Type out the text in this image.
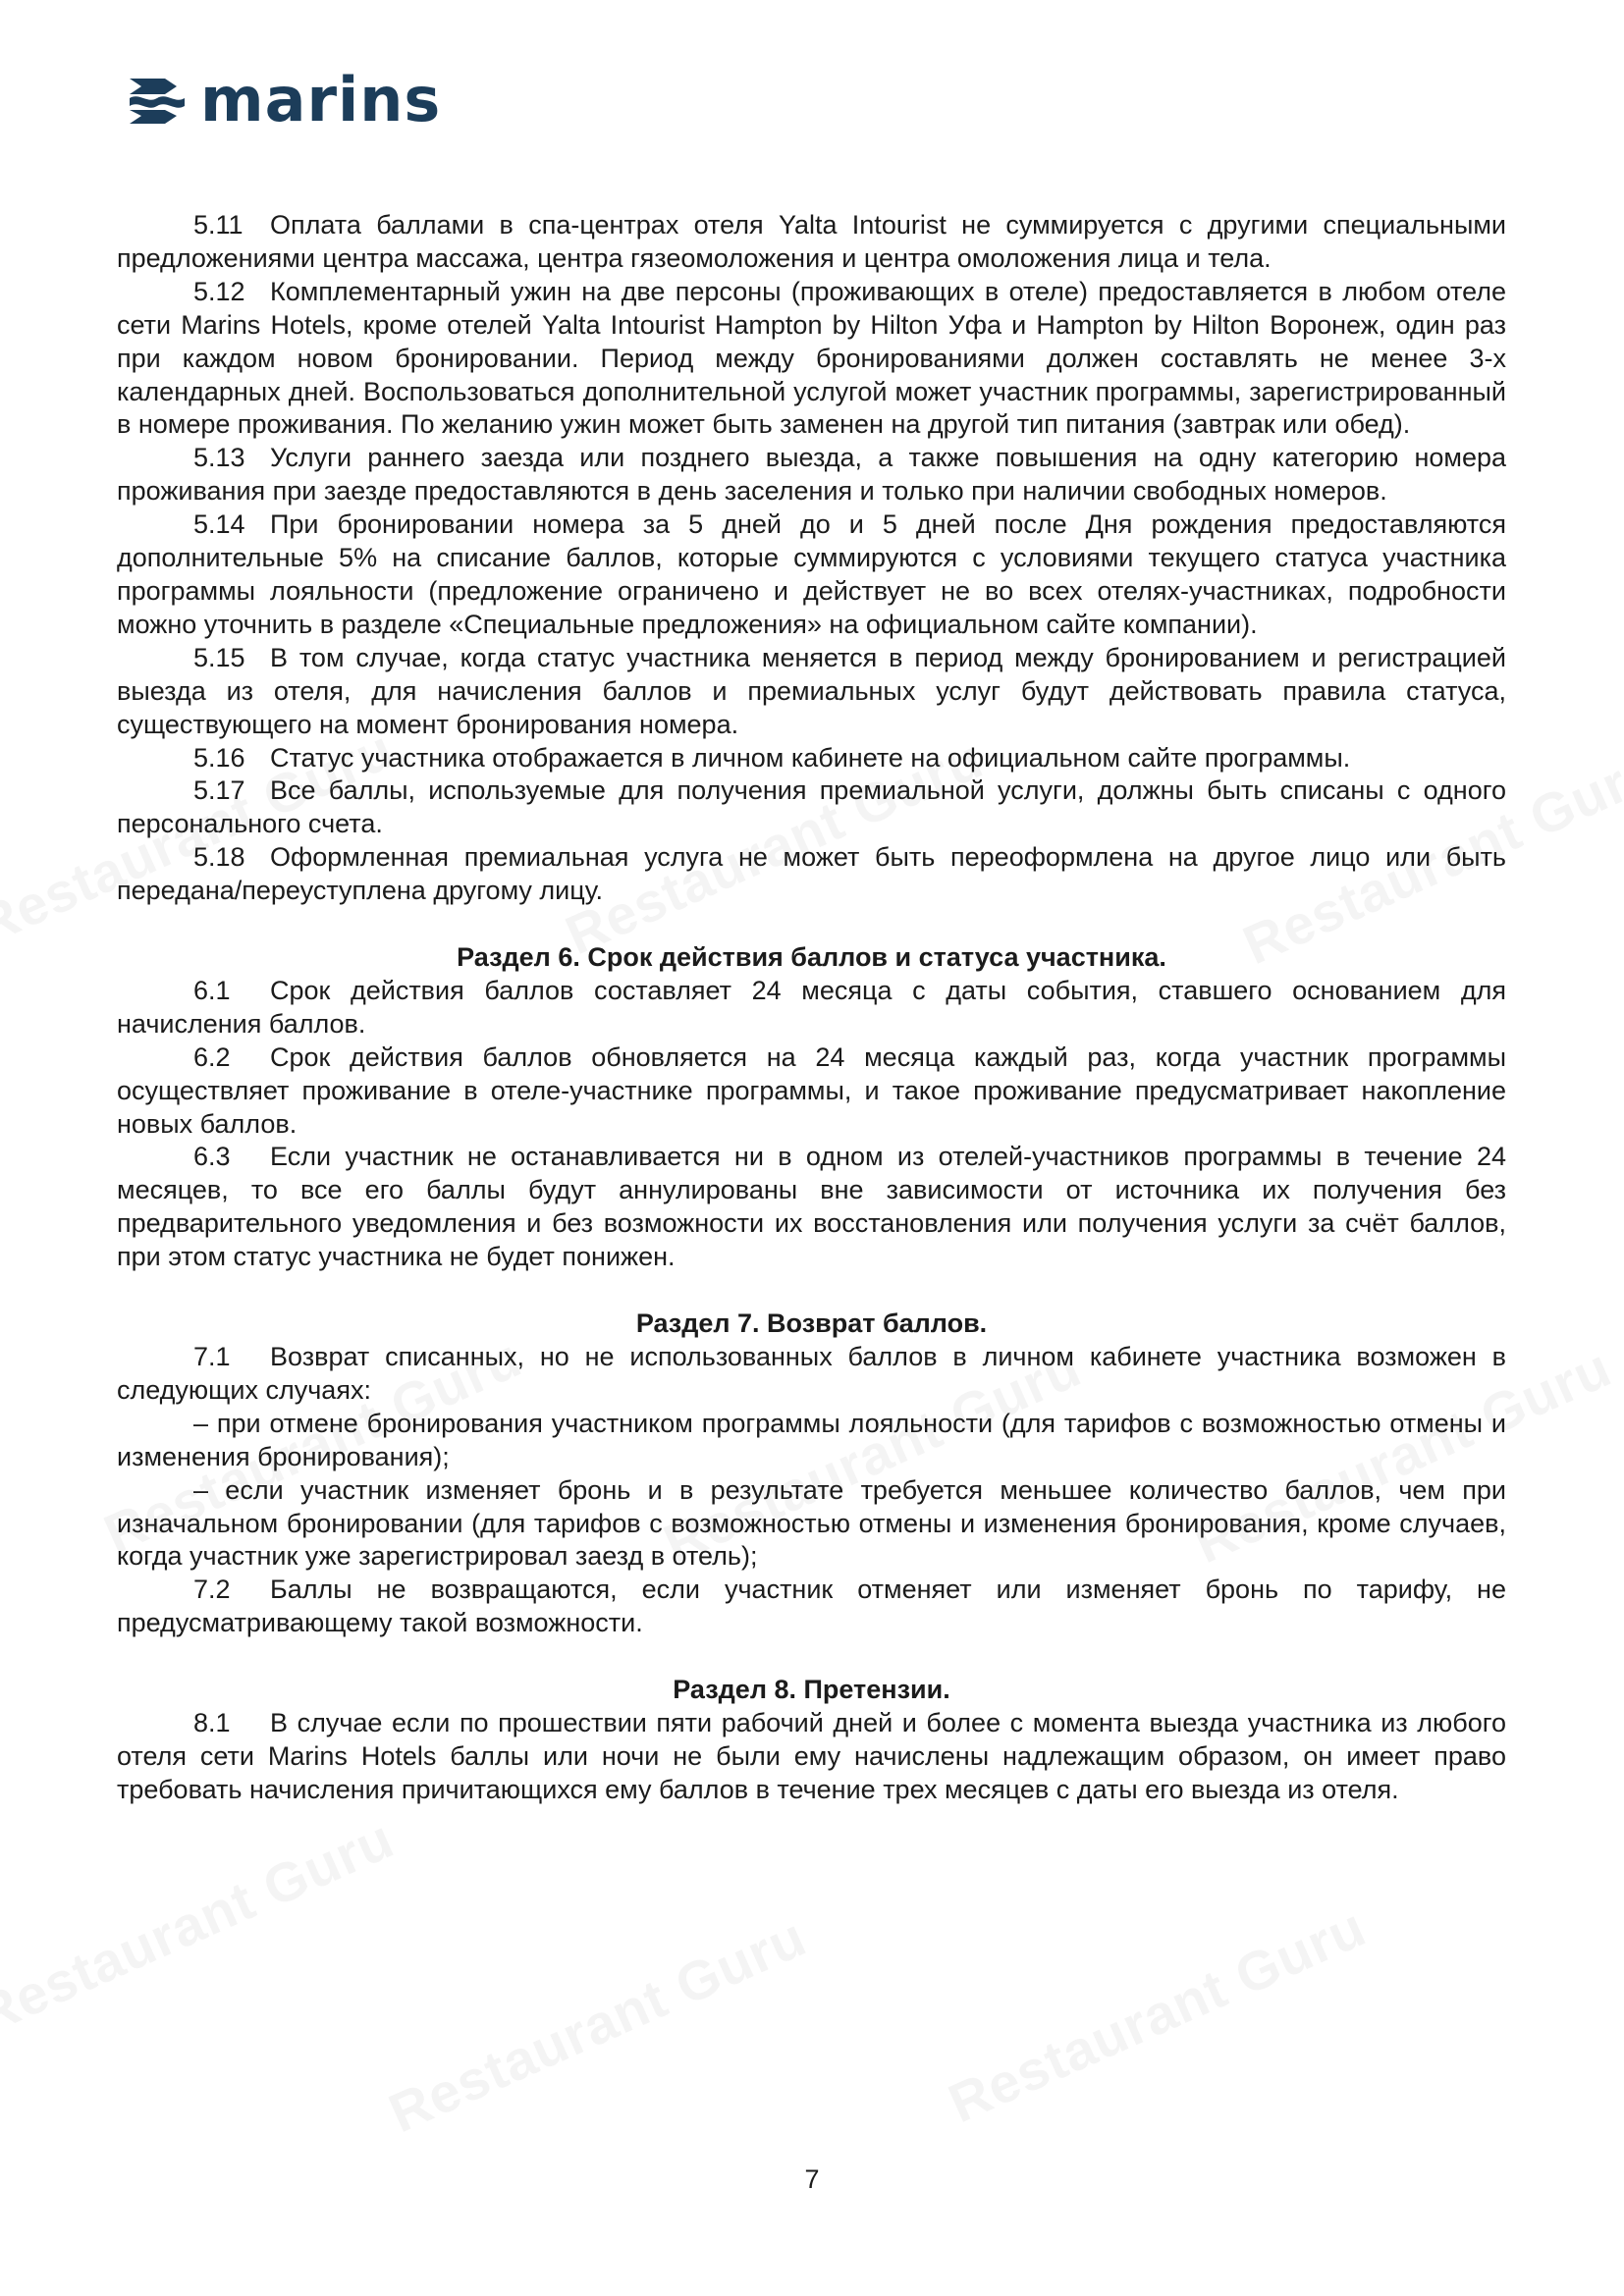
marins

5.11 Оплата баллами в спа-центрах отеля Yalta Intourist не суммируется с другими специальными предложениями центра массажа, центра гязеомоложения и центра омоложения лица и тела.

5.12 Комплементарный ужин на две персоны (проживающих в отеле) предоставляется в любом отеле сети Marins Hotels, кроме отелей Yalta Intourist Hampton by Hilton Уфа и Hampton by Hilton Воронеж, один раз при каждом новом бронировании. Период между бронированиями должен составлять не менее 3-х календарных дней. Воспользоваться дополнительной услугой может участник программы, зарегистрированный в номере проживания. По желанию ужин может быть заменен на другой тип питания (завтрак или обед).

5.13 Услуги раннего заезда или позднего выезда, а также повышения на одну категорию номера проживания при заезде предоставляются в день заселения и только при наличии свободных номеров.

5.14 При бронировании номера за 5 дней до и 5 дней после Дня рождения предоставляются дополнительные 5% на списание баллов, которые суммируются с условиями текущего статуса участника программы лояльности (предложение ограничено и действует не во всех отелях-участниках, подробности можно уточнить в разделе «Специальные предложения» на официальном сайте компании).

5.15 В том случае, когда статус участника меняется в период между бронированием и регистрацией выезда из отеля, для начисления баллов и премиальных услуг будут действовать правила статуса, существующего на момент бронирования номера.

5.16 Статус участника отображается в личном кабинете на официальном сайте программы.

5.17 Все баллы, используемые для получения премиальной услуги, должны быть списаны с одного персонального счета.

5.18 Оформленная премиальная услуга не может быть переоформлена на другое лицо или быть передана/переуступлена другому лицу.

Раздел 6. Срок действия баллов и статуса участника.

6.1 Срок действия баллов составляет 24 месяца с даты события, ставшего основанием для начисления баллов.

6.2 Срок действия баллов обновляется на 24 месяца каждый раз, когда участник программы осуществляет проживание в отеле-участнике программы, и такое проживание предусматривает накопление новых баллов.

6.3 Если участник не останавливается ни в одном из отелей-участников программы в течение 24 месяцев, то все его баллы будут аннулированы вне зависимости от источника их получения без предварительного уведомления и без возможности их восстановления или получения услуги за счёт баллов, при этом статус участника не будет понижен.

Раздел 7. Возврат баллов.

7.1 Возврат списанных, но не использованных баллов в личном кабинете участника возможен в следующих случаях:

– при отмене бронирования участником программы лояльности (для тарифов с возможностью отмены и изменения бронирования);

– если участник изменяет бронь и в результате требуется меньшее количество баллов, чем при изначальном бронировании (для тарифов с возможностью отмены и изменения бронирования, кроме случаев, когда участник уже зарегистрировал заезд в отель);

7.2 Баллы не возвращаются, если участник отменяет или изменяет бронь по тарифу, не предусматривающему такой возможности.

Раздел 8. Претензии.

8.1 В случае если по прошествии пяти рабочий дней и более с момента выезда участника из любого отеля сети Marins Hotels баллы или ночи не были ему начислены надлежащим образом, он имеет право требовать начисления причитающихся ему баллов в течение трех месяцев с даты его выезда из отеля.

7
